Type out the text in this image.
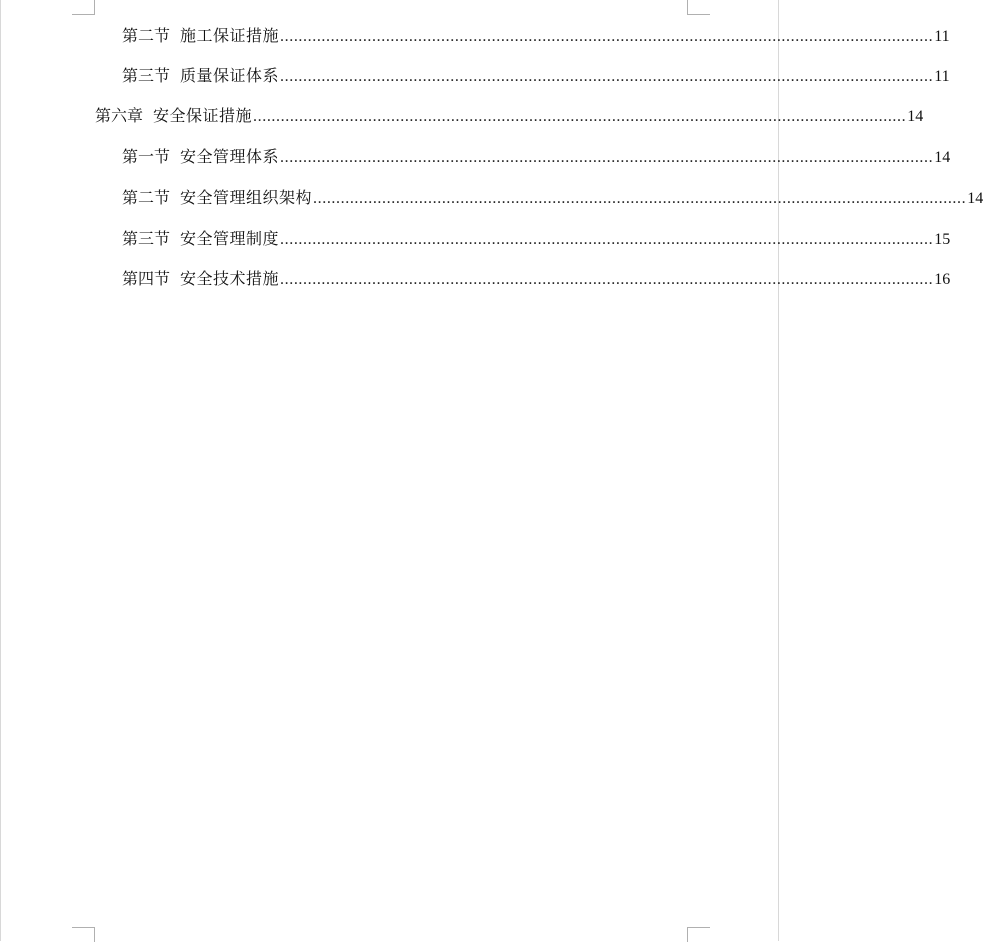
第二节 施工保证措施 .............................................................................................................................................. 11
第三节 质量保证体系 .............................................................................................................................................. 11
第六章 安全保证措施 .............................................................................................................................................. 14
第一节 安全管理体系 .............................................................................................................................................. 14
第二节 安全管理组织架构 .............................................................................................................................................. 14
第三节 安全管理制度 .............................................................................................................................................. 15
第四节 安全技术措施 .............................................................................................................................................. 16
